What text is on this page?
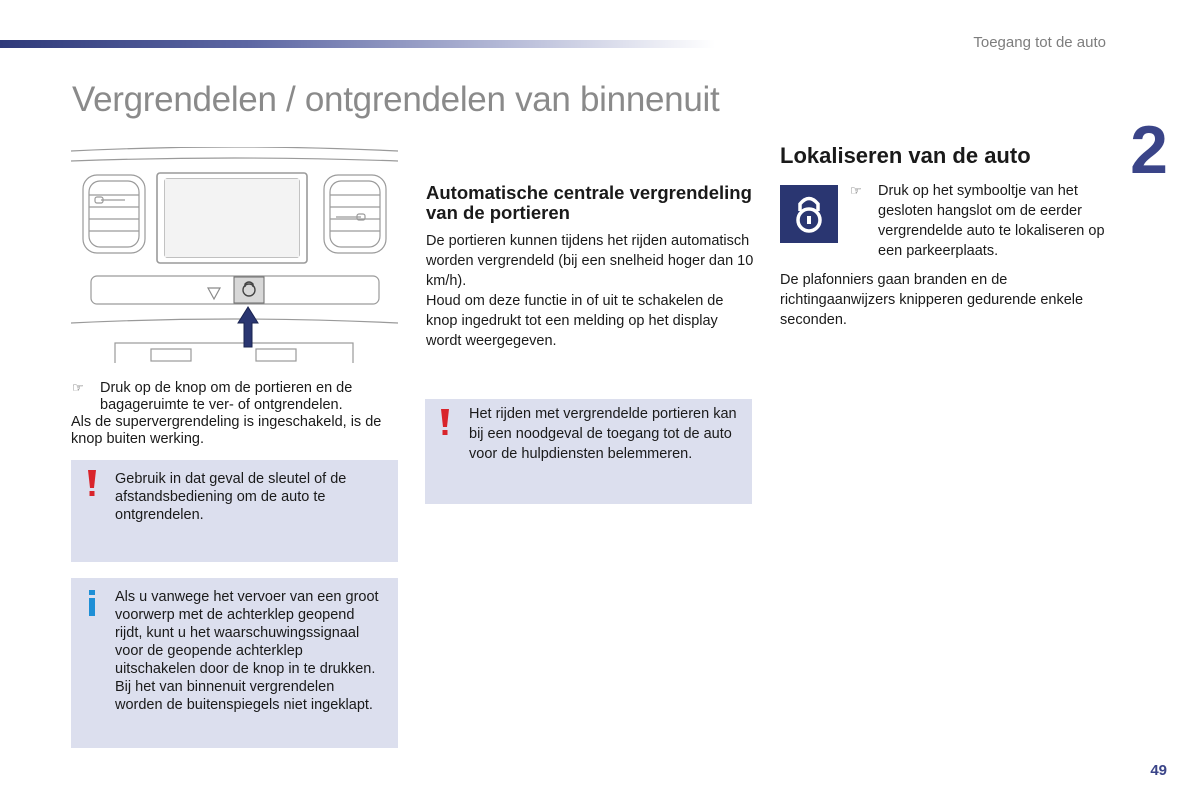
Toegang tot de auto
2
Vergrendelen / ontgrendelen van binnenuit
☞ Druk op de knop om de portieren en de bagageruimte te ver- of ontgrendelen.
Als de supervergrendeling is ingeschakeld, is de knop buiten werking.
Gebruik in dat geval de sleutel of de afstandsbediening om de auto te ontgrendelen.
Als u vanwege het vervoer van een groot voorwerp met de achterklep geopend rijdt, kunt u het waarschuwingssignaal voor de geopende achterklep uitschakelen door de knop in te drukken. Bij het van binnenuit vergrendelen worden de buitenspiegels niet ingeklapt.
Automatische centrale vergrendeling van de portieren

De portieren kunnen tijdens het rijden automatisch worden vergrendeld (bij een snelheid hoger dan 10 km/h).

Houd om deze functie in of uit te schakelen de knop ingedrukt tot een melding op het display wordt weergegeven.

Het rijden met vergrendelde portieren kan bij een noodgeval de toegang tot de auto voor de hulpdiensten belemmeren.
Lokaliseren van de auto
☞ Druk op het symbooltje van het gesloten hangslot om de eerder vergrendelde auto te lokaliseren op een parkeerplaats.
De plafonniers gaan branden en de richtingaanwijzers knipperen gedurende enkele seconden.
49
